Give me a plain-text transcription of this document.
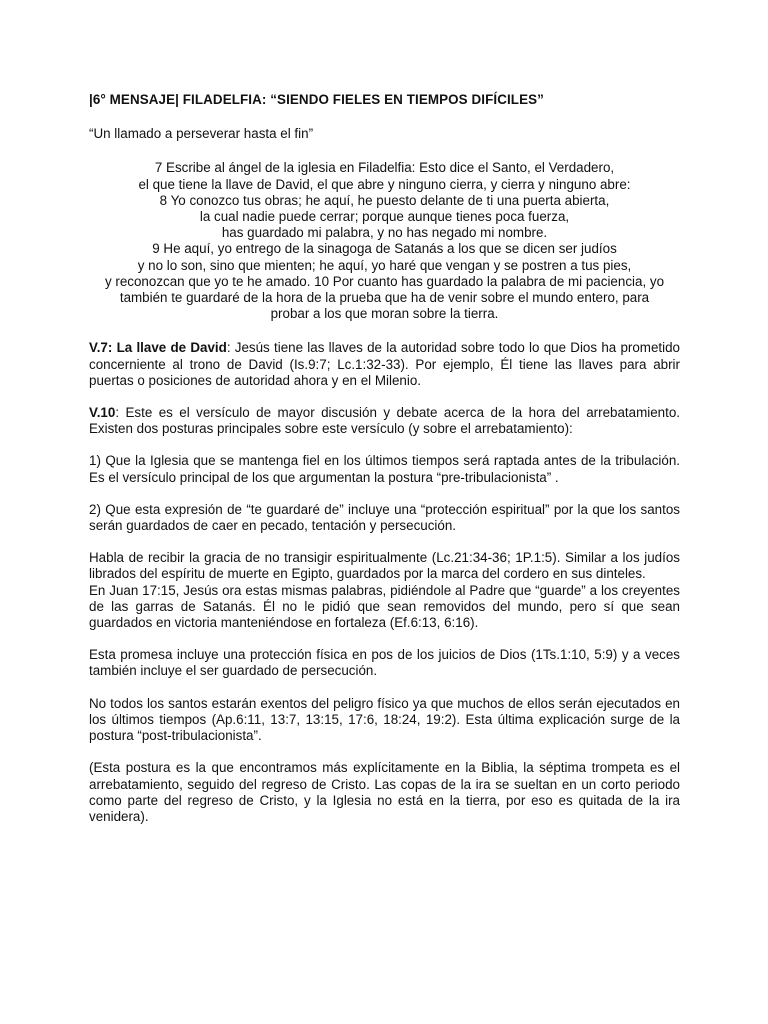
|6° MENSAJE| FILADELFIA: “SIENDO FIELES EN TIEMPOS DIFÍCILES”
“Un llamado a perseverar hasta el fin”
7 Escribe al ángel de la iglesia en Filadelfia: Esto dice el Santo, el Verdadero,
el que tiene la llave de David, el que abre y ninguno cierra, y cierra y ninguno abre:
8 Yo conozco tus obras; he aquí, he puesto delante de ti una puerta abierta,
la cual nadie puede cerrar; porque aunque tienes poca fuerza,
has guardado mi palabra, y no has negado mi nombre.
9 He aquí, yo entrego de la sinagoga de Satanás a los que se dicen ser judíos
y no lo son, sino que mienten; he aquí, yo haré que vengan y se postren a tus pies,
y reconozcan que yo te he amado. 10 Por cuanto has guardado la palabra de mi paciencia, yo
también te guardaré de la hora de la prueba que ha de venir sobre el mundo entero, para
probar a los que moran sobre la tierra.

V.7: La llave de David: Jesús tiene las llaves de la autoridad sobre todo lo que Dios ha prometido concerniente al trono de David (Is.9:7; Lc.1:32-33). Por ejemplo, Él tiene las llaves para abrir puertas o posiciones de autoridad ahora y en el Milenio.

V.10: Este es el versículo de mayor discusión y debate acerca de la hora del arrebatamiento. Existen dos posturas principales sobre este versículo (y sobre el arrebatamiento):

1) Que la Iglesia que se mantenga fiel en los últimos tiempos será raptada antes de la tribulación. Es el versículo principal de los que argumentan la postura “pre-tribulacionista” .

2) Que esta expresión de “te guardaré de” incluye una “protección espiritual” por la que los santos serán guardados de caer en pecado, tentación y persecución.

Habla de recibir la gracia de no transigir espiritualmente (Lc.21:34-36; 1P.1:5). Similar a los judíos librados del espíritu de muerte en Egipto, guardados por la marca del cordero en sus dinteles.

En Juan 17:15, Jesús ora estas mismas palabras, pidiéndole al Padre que “guarde” a los creyentes de las garras de Satanás. Él no le pidió que sean removidos del mundo, pero sí que sean guardados en victoria manteniéndose en fortaleza (Ef.6:13, 6:16).

Esta promesa incluye una protección física en pos de los juicios de Dios (1Ts.1:10, 5:9) y a veces también incluye el ser guardado de persecución.

No todos los santos estarán exentos del peligro físico ya que muchos de ellos serán ejecutados en los últimos tiempos (Ap.6:11, 13:7, 13:15, 17:6, 18:24, 19:2). Esta última explicación surge de la postura “post-tribulacionista”.

(Esta postura es la que encontramos más explícitamente en la Biblia, la séptima trompeta es el arrebatamiento, seguido del regreso de Cristo. Las copas de la ira se sueltan en un corto periodo como parte del regreso de Cristo, y la Iglesia no está en la tierra, por eso es quitada de la ira venidera).
